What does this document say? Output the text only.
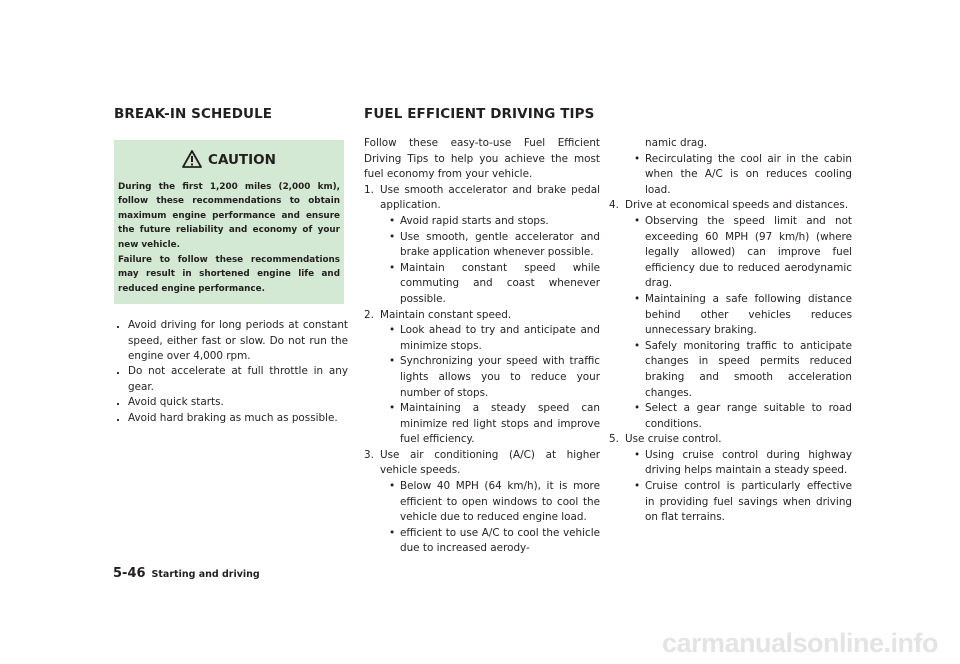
BREAK-IN SCHEDULE	FUEL EFFICIENT DRIVING TIPS
CAUTION
During the first 1,200 miles (2,000 km), follow these recommendations to obtain maximum engine performance and ensure the future reliability and economy of your new vehicle.
Failure to follow these recommendations may result in shortened engine life and reduced engine performance.
. Avoid driving for long periods at constant speed, either fast or slow. Do not run the engine over 4,000 rpm.
. Do not accelerate at full throttle in any gear.
. Avoid quick starts.
. Avoid hard braking as much as possible.

Follow these easy-to-use Fuel Efficient Driving Tips to help you achieve the most fuel economy from your vehicle.

1. Use smooth accelerator and brake pedal application.

• Avoid rapid starts and stops.

• Use smooth, gentle accelerator and brake application whenever possible.

• Maintain constant speed while commuting and coast whenever possible.

2. Maintain constant speed.

• Look ahead to try and anticipate and minimize stops.

• Synchronizing your speed with traffic lights allows you to reduce your number of stops.

• Maintaining a steady speed can minimize red light stops and improve fuel efficiency.

3. Use air conditioning (A/C) at higher vehicle speeds.

• Below 40 MPH (64 km/h), it is more efficient to open windows to cool the vehicle due to reduced engine load.

• efficient to use A/C to cool the vehicle due to increased aerody-

namic drag.

• Recirculating the cool air in the cabin when the A/C is on reduces cooling load.

4. Drive at economical speeds and distances.

• Observing the speed limit and not exceeding 60 MPH (97 km/h) (where legally allowed) can improve fuel efficiency due to reduced aerodynamic drag.

• Maintaining a safe following distance behind other vehicles reduces unnecessary braking.

• Safely monitoring traffic to anticipate changes in speed permits reduced braking and smooth acceleration changes.

• Select a gear range suitable to road conditions.

5. Use cruise control.

• Using cruise control during highway driving helps maintain a steady speed.

• Cruise control is particularly effective in providing fuel savings when driving on flat terrains.

5-46 Starting and driving
carmanualsonline.info
